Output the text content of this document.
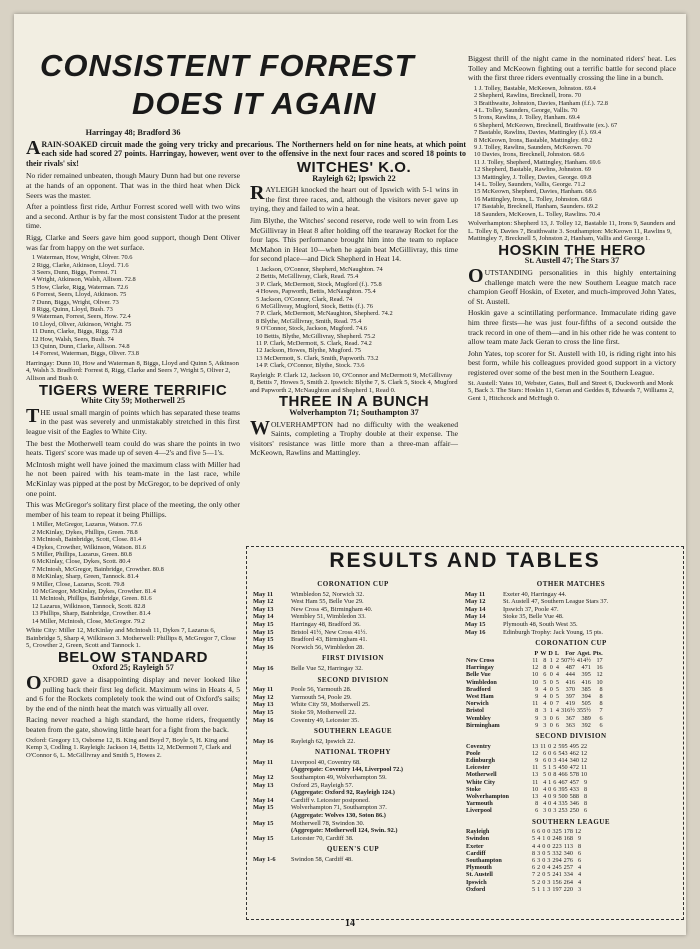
CONSISTENT FORREST
DOES IT AGAIN
Harringay 48; Bradford 36
ARAIN-SOAKED circuit made the going very tricky and precarious. The Northerners held on for nine heats, at which point each side had scored 27 points. Harringay, however, went over to the offensive in the next four races and scored 18 points to their rivals' six!

No rider remained unbeaten, though Maury Dunn had but one reverse at the hands of an opponent. That was in the third heat when Dick Seers was the master.

After a pointless first ride, Arthur Forrest scored well with two wins and a second. Arthur is by far the most consistent Tudor at the present time.

Rigg, Clarke and Seers gave him good support, though Dent Oliver was far from happy on the wet surface.

1 Waterman, How, Wright, Oliver. 70.6
2 Rigg, Clarke, Atkinson, Lloyd. 71.6
3 Seers, Dunn, Biggs, Forrest. 71
4 Wright, Atkinson, Walsh, Allison. 72.8
5 How, Clarke, Rigg, Waterman. 72.6
6 Forrest, Seers, Lloyd, Atkinson. 75
7 Dunn, Biggs, Wright, Oliver. 73
8 Rigg, Quinn, Lloyd, Bush. 73
9 Waterman, Forrest, Seers, How. 72.4
10 Lloyd, Oliver, Atkinson, Wright. 75
11 Dunn, Clarke, Biggs, Rigg. 73.8
12 How, Walsh, Seers, Bush. 74
13 Quinn, Dunn, Clarke, Allison. 74.8
14 Forrest, Waterman, Biggs, Oliver. 73.8
Harringay: Dunn 10, How and Waterman 8, Biggs, Lloyd and Quinn 5, Atkinson 4, Walsh 3. Bradford: Forrest 8, Rigg, Clarke and Seers 7, Wright 5, Oliver 2, Allison and Bush 0.
TIGERS WERE TERRIFIC
White City 59; Motherwell 25

THE usual small margin of points which has separated these teams in the past was severely and unmistakably stretched in this first league visit of the Eagles to White City.

The best the Motherwell team could do was share the points in two heats. Tigers' score was made up of seven 4—2's and five 5—1's.

McIntosh might well have joined the maximum class with Miller had he not been paired with his team-mate in the last race, while McKinlay was pipped at the post by McGregor, to be deprived of only one point.

This was McGregor's solitary first place of the meeting, the only other member of his team to repeat it being Phillips.

1 Miller, McGregor, Lazarus, Watson. 77.6
2 McKinlay, Dykes, Phillips, Green. 78.8
3 McIntosh, Bainbridge, Scott, Close. 81.4
4 Dykes, Crowther, Wilkinson, Watson. 81.6
5 Miller, Phillips, Lazarus, Green. 80.8
6 McKinlay, Close, Dykes, Scott. 80.4
7 McIntosh, McGregor, Bainbridge, Crowther. 80.8
8 McKinlay, Sharp, Green, Tannock. 81.4
9 Miller, Close, Lazarus, Scott. 79.8
10 McGregor, McKinlay, Dykes, Crowther. 81.4
11 McIntosh, Phillips, Bainbridge, Green. 81.6
12 Lazarus, Wilkinson, Tannock, Scott. 82.8
13 Phillips, Sharp, Bainbridge, Crowther. 81.4
14 Miller, McIntosh, Close, McGregor. 79.2
White City: Miller 12, McKinlay and McIntosh 11, Dykes 7, Lazarus 6, Bainbridge 5, Sharp 4, Wilkinson 3. Motherwell: Phillips 8, McGregor 7, Close 5, Crowther 2, Green, Scott and Tannock 1.
BELOW STANDARD
Oxford 25; Rayleigh 57

OXFORD gave a disappointing display and never looked like pulling back their first leg deficit. Maximum wins in Heats 4, 5 and 6 for the Rockets completely took the wind out of Oxford's sails; by the end of the ninth heat the match was virtually all over.

Racing never reached a high standard, the home riders, frequently beaten from the gate, showing little heart for a fight from the back.

Oxford: Gregory 13, Osborne 12, B. King and Boyd 7, Boyle 5, H. King and Kemp 3, Codling 1. Rayleigh: Jackson 14, Bettis 12, McDermott 7, Clark and O'Connor 6, L. McGillivray and Smith 5, Howes 2.
WITCHES' K.O.
Rayleigh 62; Ipswich 22

RAYLEIGH knocked the heart out of Ipswich with 5-1 wins in the first three races, and, although the visitors never gave up trying, they and failed to win a heat.

Jim Blythe, the Witches' second reserve, rode well to win from Les McGillivray in Heat 8 after holding off the tearaway Rocket for the four laps. This performance brought him into the team to replace McMahon in Heat 10—when he again beat McGillivray, this time for second place—and Dick Shepherd in Heat 14.

1 Jackson, O'Connor, Shepherd, McNaughton. 74
2 Bettis, McGillivray, Clark, Read. 75.4
3 P. Clark, McDermott, Stock, Mugford (f.). 75.8
4 Howes, Papworth, Bettis, McNaughton. 75.4
5 Jackson, O'Connor, Clark, Read. 74
6 McGillivray, Mugford, Stock, Bettis (f.). 76
7 P. Clark, McDermott, McNaughton, Shepherd. 74.2
8 Blythe, McGillivray, Smith, Read. 75.4
9 O'Connor, Stock, Jackson, Mugford. 74.6
10 Bettis, Blythe, McGillivray, Shepherd. 75.2
11 P. Clark, McDermott, S. Clark, Read. 74.2
12 Jackson, Howes, Blythe, Mugford. 75
13 McDermott, S. Clark, Smith, Papworth. 73.2
14 P. Clark, O'Connor, Blythe, Stock. 73.6
Rayleigh: P. Clark 12, Jackson 10, O'Connor and McDermott 9, McGillivray 8, Bettis 7, Howes 5, Smith 2. Ipswich: Blythe 7, S. Clark 5, Stock 4, Mugford and Papworth 2, McNaughton and Shepherd 1, Read 0.
THREE IN A BUNCH
Wolverhampton 71; Southampton 37

WOLVERHAMPTON had no difficulty with the weakened Saints, completing a Trophy double at their expense. The visitors' resistance was little more than a three-man affair—McKeown, Rawlins and Mattingley.

Biggest thrill of the night came in the nominated riders' heat. Les Tolley and McKeown fighting out a terrific battle for second place with the first three riders eventually crossing the line in a bunch.

1 J. Tolley, Bastable, McKeown, Johnston. 69.4
2 Shepherd, Rawlins, Brecknell, Irons. 70
3 Braithwaite, Johnston, Davies, Hanham (f.f.). 72.8
4 L. Tolley, Saunders, George, Vallis. 70
5 Irons, Rawlins, J. Tolley, Hanham. 69.4
6 Shepherd, McKeown, Brecknell, Braithwaite (ex.). 67
7 Bastable, Rawlins, Davies, Mattingley (f.). 69.4
8 McKeown, Irons, Bastable, Mattingley. 69.2
9 J. Tolley, Rawlins, Saunders, McKeown. 70
10 Davies, Irons, Brecknell, Johnston. 68.6
11 J. Tolley, Shepherd, Mattingley, Hanham. 69.6
12 Shepherd, Bastable, Rawlins, Johnston. 69
13 Mattingley, J. Tolley, Davies, George. 69.8
14 L. Tolley, Saunders, Vallis, George. 71.2
15 McKeown, Shepherd, Davies, Hanham. 68.6
16 Mattingley, Irons, L. Tolley, Johnston. 68.6
17 Bastable, Brecknell, Hanham, Saunders. 69.2
18 Saunders, McKeown, L. Tolley, Rawlins. 70.4
Wolverhampton: Shepherd 13, J. Tolley 12, Bastable 11, Irons 9, Saunders and L. Tolley 8, Davies 7, Braithwaite 3. Southampton: McKeown 11, Rawlins 9, Mattingley 7, Brecknell 5, Johnston 2, Hanham, Vallis and George 1.
HOSKIN THE HERO
St. Austell 47; The Stars 37

OUTSTANDING personalities in this highly entertaining challenge match were the new Southern League match race champion Geoff Hoskin, of Exeter, and much-improved John Yates, of St. Austell.

Hoskin gave a scintillating performance. Immaculate riding gave him three firsts—he was just four-fifths of a second outside the track record in one of them—and in his other ride he was content to allow team mate Jack Geran to cross the line first.

John Yates, top scorer for St. Austell with 10, is riding right into his best form, while his colleagues provided good support in a victory registered over some of the best men in the Southern League.

St. Austell: Yates 10, Webster, Gates, Bull and Street 6, Duckworth and Monk 5, Back 3. The Stars: Hoskin 11, Geran and Geddes 8, Edwards 7, Williams 2, Gent 1, Hitchcock and McHugh 0.
RESULTS AND TABLES
CORONATION CUP
May 11	Wimbledon 52, Norwich 32.
May 12	West Ham 55, Belle Vue 29.
May 13	New Cross 45, Birmingham 40.
May 14	Wembley 51, Wimbledon 33.
May 15	Harringay 48, Bradford 36.
May 15	Bristol 41½, New Cross 41½.
May 15	Bradford 43, Birmingham 41.
May 16	Norwich 56, Wimbledon 28.
FIRST DIVISION
May 16	Belle Vue 52, Harringay 32.
SECOND DIVISION
May 11	Poole 56, Yarmouth 28.
May 12	Yarmouth 54, Poole 29.
May 13	White City 59, Motherwell 25.
May 15	Stoke 59, Motherwell 22.
May 16	Coventry 49, Leicester 35.
SOUTHERN LEAGUE
May 16	Rayleigh 62, Ipswich 22.
NATIONAL TROPHY
May 11	Liverpool 40, Coventry 68.
(Aggregate: Coventry 144, Liverpool 72.)
May 12	Southampton 49, Wolverhampton 59.
May 13	Oxford 25, Rayleigh 57.
(Aggregate: Oxford 92, Rayleigh 124.)
May 14	Cardiff v. Leicester postponed.
May 15	Wolverhampton 71, Southampton 37.
(Aggregate: Wolves 130, Soton 86.)
May 15	Motherwell 78, Swindon 30.
(Aggregate: Motherwell 124, Swin. 92.)
May 15	Leicester 70, Cardiff 38.
QUEEN'S CUP
May 1-6	Swindon 58, Cardiff 48.
OTHER MATCHES
May 11	Exeter 40, Harringay 44.
May 12	St. Austell 47, Southern League Stars 37.
May 14	Ipswich 37, Poole 47.
May 14	Stoke 35, Belle Vue 48.
May 15	Plymouth 48, South West 35.
May 16	Edinburgh Trophy: Jack Young, 15 pts.
CORONATION CUP
	P	W	D	L	For	Agst.	Pts.
New Cross	11	8	1	2	507½	414½	17
Harringay	12	8	0	4	487	471	16
Belle Vue	10	6	0	4	444	395	12
Wimbledon	10	5	0	5	416	416	10
Bradford	9	4	0	5	370	385	8
West Ham	9	4	0	5	397	394	8
Norwich	11	4	0	7	419	505	8
Bristol	8	3	1	4	316½	355½	7
Wembley	9	3	0	6	367	389	6
Birmingham	9	3	0	6	363	392	6
SECOND DIVISION
Coventry	13	11	0	2	595	495	22
Poole	12	6	0	6	543	462	12
Edinburgh	9	6	0	3	414	340	12
Leicester	11	5	1	5	450	472	11
Motherwell	13	5	0	8	466	578	10
White City	11	4	1	6	467	457	9
Stoke	10	4	0	6	395	433	8
Wolverhampton	13	4	0	9	500	588	8
Yarmouth	8	4	0	4	335	346	8
Liverpool	6	3	0	3	253	250	6
SOUTHERN LEAGUE
Rayleigh	6	6	0	0	325	178	12
Swindon	5	4	1	0	248	168	9
Exeter	4	4	0	0	223	113	8
Cardiff	8	3	0	5	332	340	6
Southampton	6	3	0	3	294	276	6
Plymouth	6	2	0	4	245	257	4
St. Austell	7	2	0	5	241	334	4
Ipswich	5	2	0	3	156	264	4
Oxford	5	1	1	3	197	220	3
14
